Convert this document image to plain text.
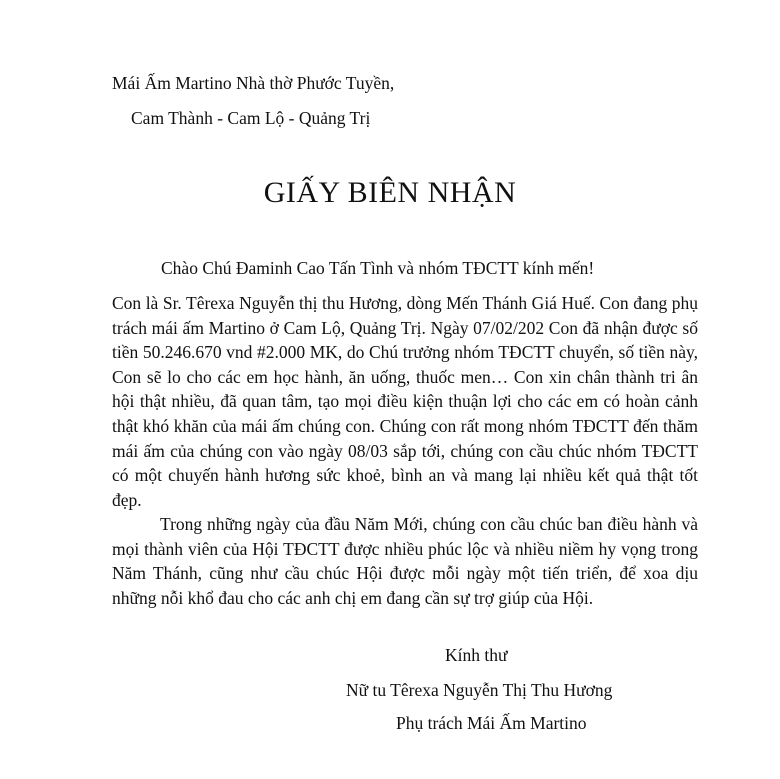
Mái Ấm Martino Nhà thờ Phước Tuyền,
Cam Thành - Cam Lộ - Quảng Trị
GIẤY BIÊN NHẬN
Chào Chú Đaminh Cao Tấn Tình và nhóm TĐCTT kính mến!
Con là Sr. Têrexa Nguyễn thị thu Hương, dòng Mến Thánh Giá Huế. Con đang phụ trách mái ấm Martino ở Cam Lộ, Quảng Trị. Ngày 07/02/202 Con đã nhận được số tiền 50.246.670 vnd #2.000 MK, do Chú trưởng nhóm TĐCTT chuyển, số tiền này, Con sẽ lo cho các em học hành, ăn uống, thuốc men… Con xin chân thành tri ân hội thật nhiều, đã quan tâm, tạo mọi điều kiện thuận lợi cho các em có hoàn cảnh thật khó khăn của mái ấm chúng con. Chúng con rất mong nhóm TĐCTT đến thăm mái ấm của chúng con vào ngày 08/03 sắp tới, chúng con cầu chúc nhóm TĐCTT có một chuyến hành hương sức khoẻ, bình an và mang lại nhiều kết quả thật tốt đẹp.
Trong những ngày của đầu Năm Mới, chúng con cầu chúc ban điều hành và mọi thành viên của Hội TĐCTT được nhiều phúc lộc và nhiều niềm hy vọng trong Năm Thánh, cũng như cầu chúc Hội được mỗi ngày một tiến triển, để xoa dịu những nỗi khổ đau cho các anh chị em đang cần sự trợ giúp của Hội.
Kính thư
Nữ tu Têrexa Nguyễn Thị Thu Hương
Phụ trách Mái Ấm Martino
